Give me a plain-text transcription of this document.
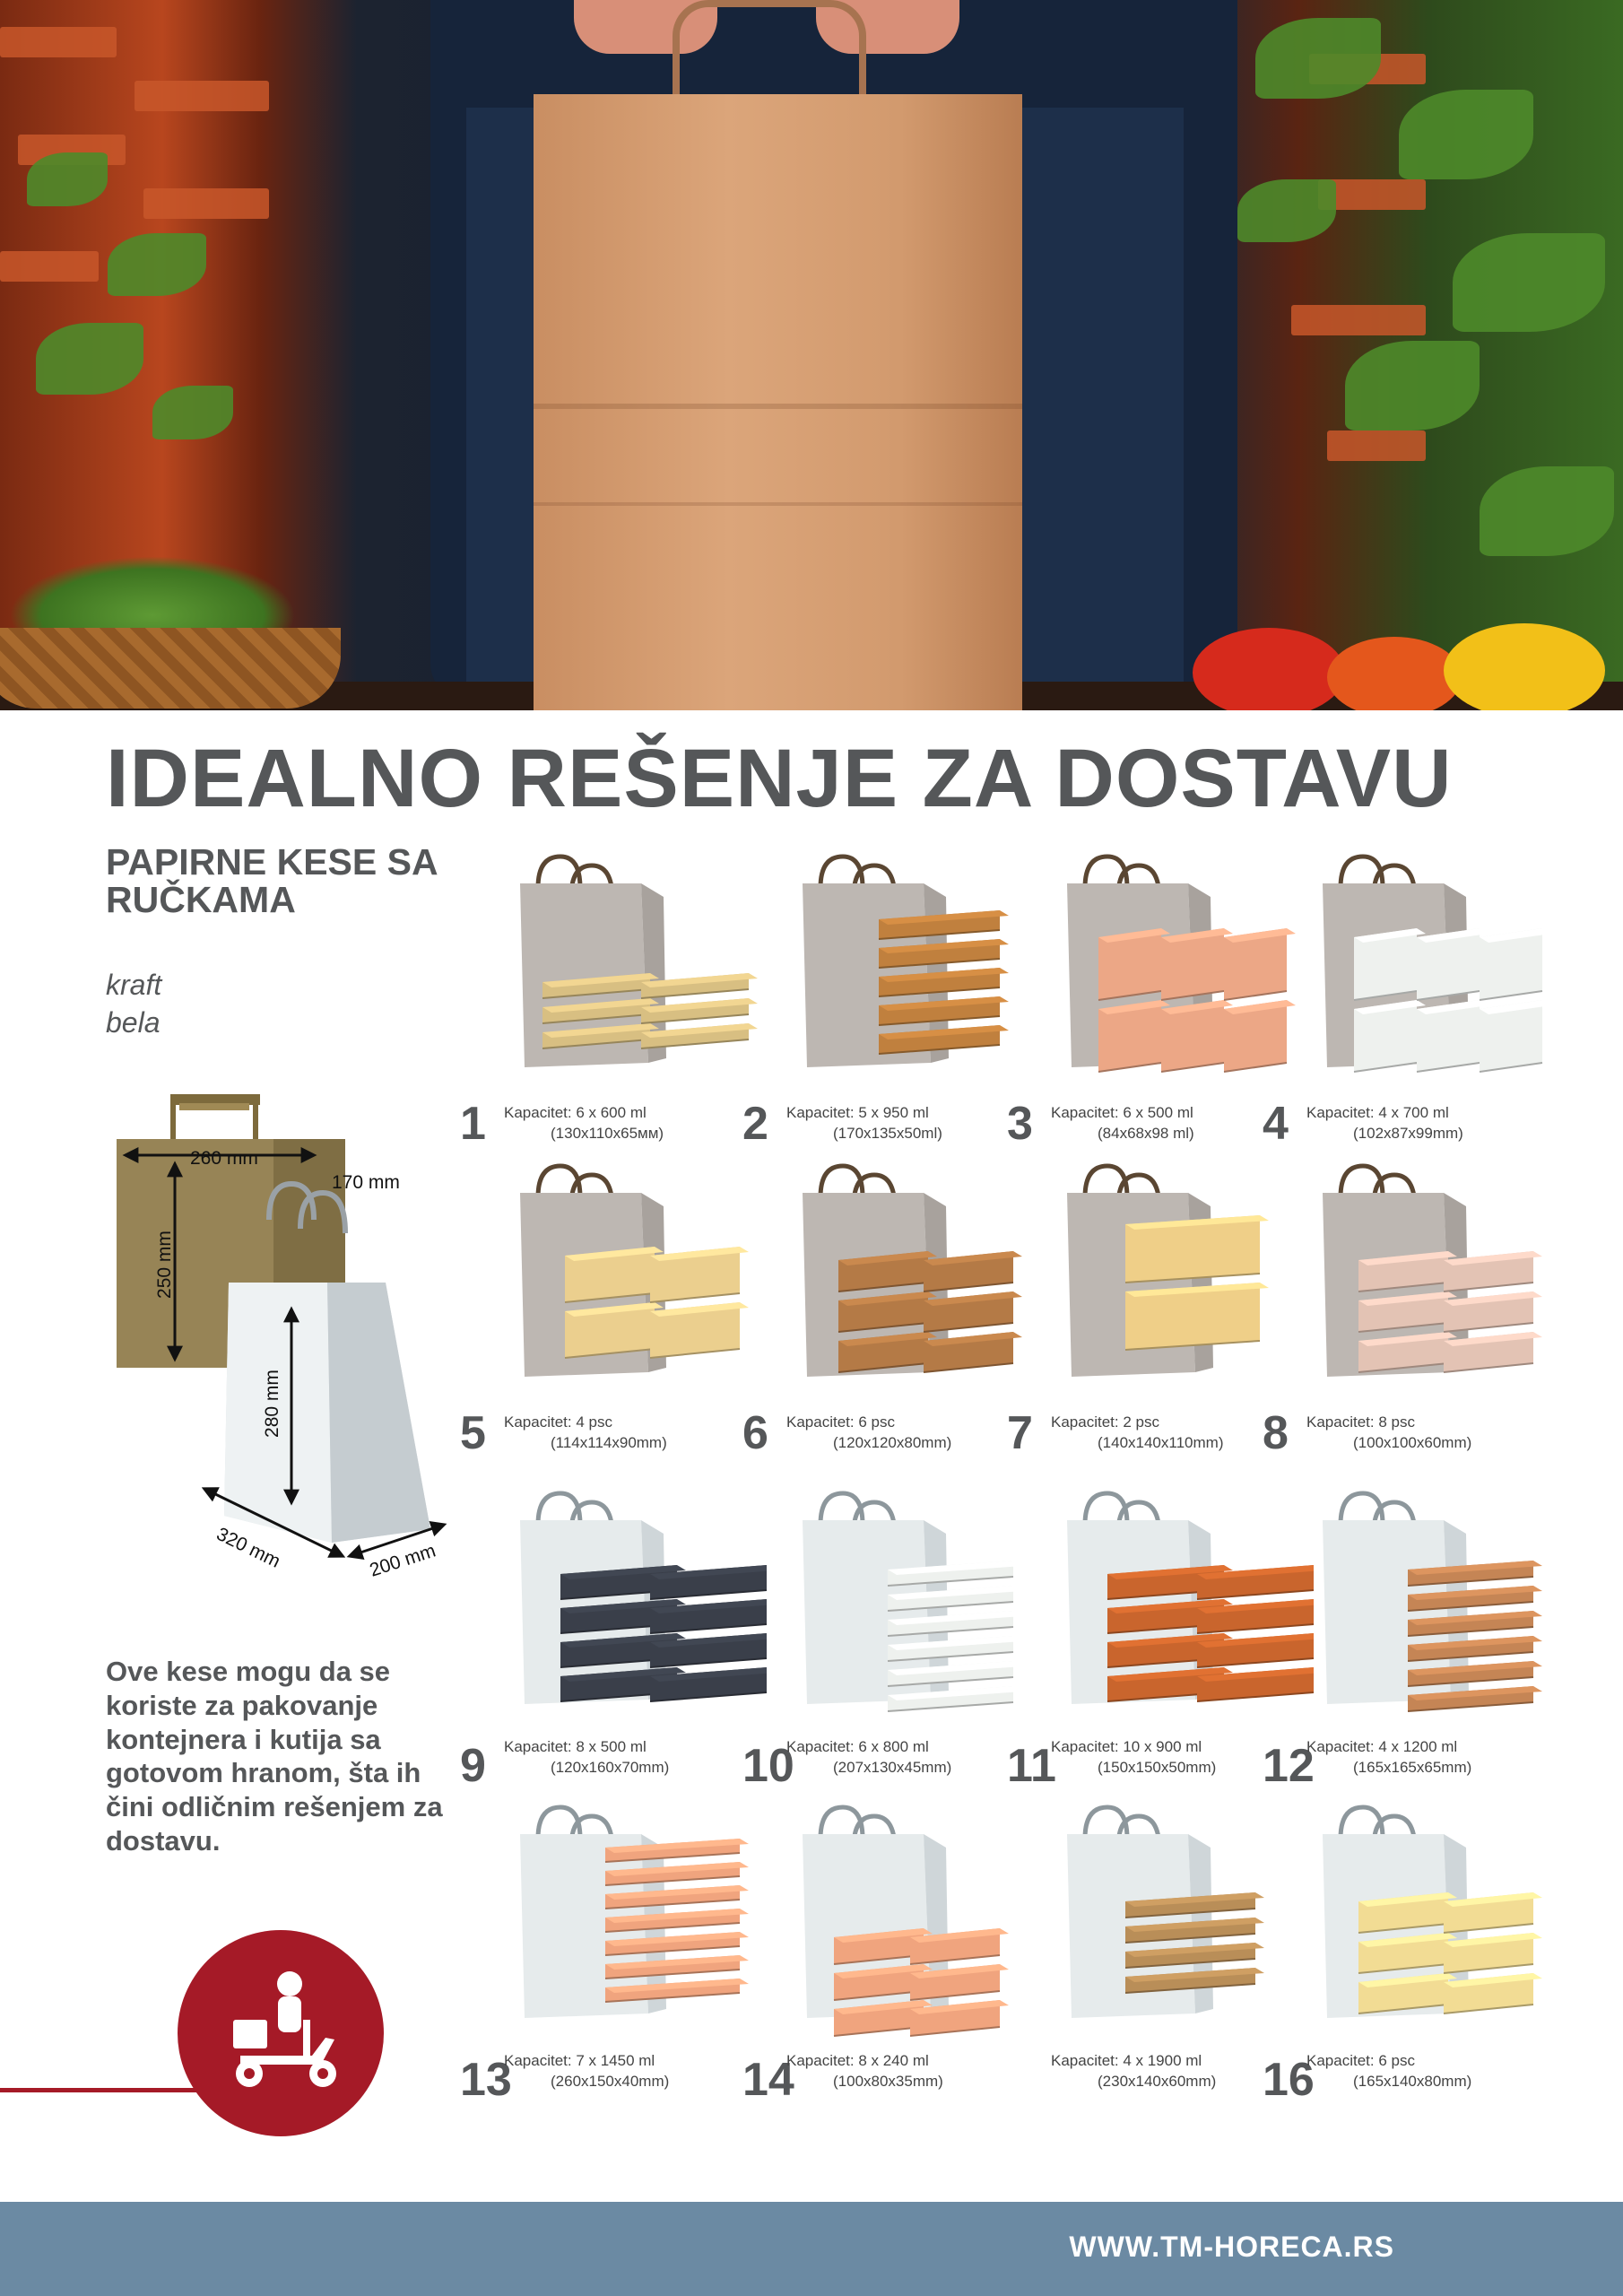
IDEALNO REŠENJE ZA DOSTAVU
PAPIRNE KESE SA RUČKAMA
kraft
bela
260 mm
170 mm
250 mm
280 mm
320 mm	200 mm

Ove kese mogu da se koriste za pakovanje kontejnera i kutija sa gotovom hranom, šta ih čini odličnim rešenjem za dostavu.

1 Kapacitet: 6 x 600 ml
(130x110x65мм) 2 Kapacitet: 5 x 950 ml
(170x135x50ml) 3 Kapacitet: 6 x 500 ml
(84x68x98 ml) 4 Kapacitet: 4 x 700 ml
(102x87x99mm)
5 Kapacitet: 4 psc
(114x114x90mm) 6 Kapacitet: 6 psc
(120x120x80mm) 7 Kapacitet: 2 psc
(140x140x110mm) 8 Kapacitet: 8 psc
(100x100x60mm)
9 Kapacitet: 8 x 500 ml
(120x160x70mm) 10
Kapacitet: 6 x 800 ml
(207x130x45mm) 11
Kapacitet: 10 x 900 ml
(150x150x50mm) 12
Kapacitet: 4 x 1200 ml
(165x165x65mm)
13
Kapacitet: 7 x 1450 ml
(260x150x40mm) 14
Kapacitet: 8 x 240 ml
(100x80x35mm)
Kapacitet: 4 x 1900 ml
(230x140x60mm) 16
Kapacitet: 6 psc
(165x140x80mm)
WWW.TM-HORECA.RS
